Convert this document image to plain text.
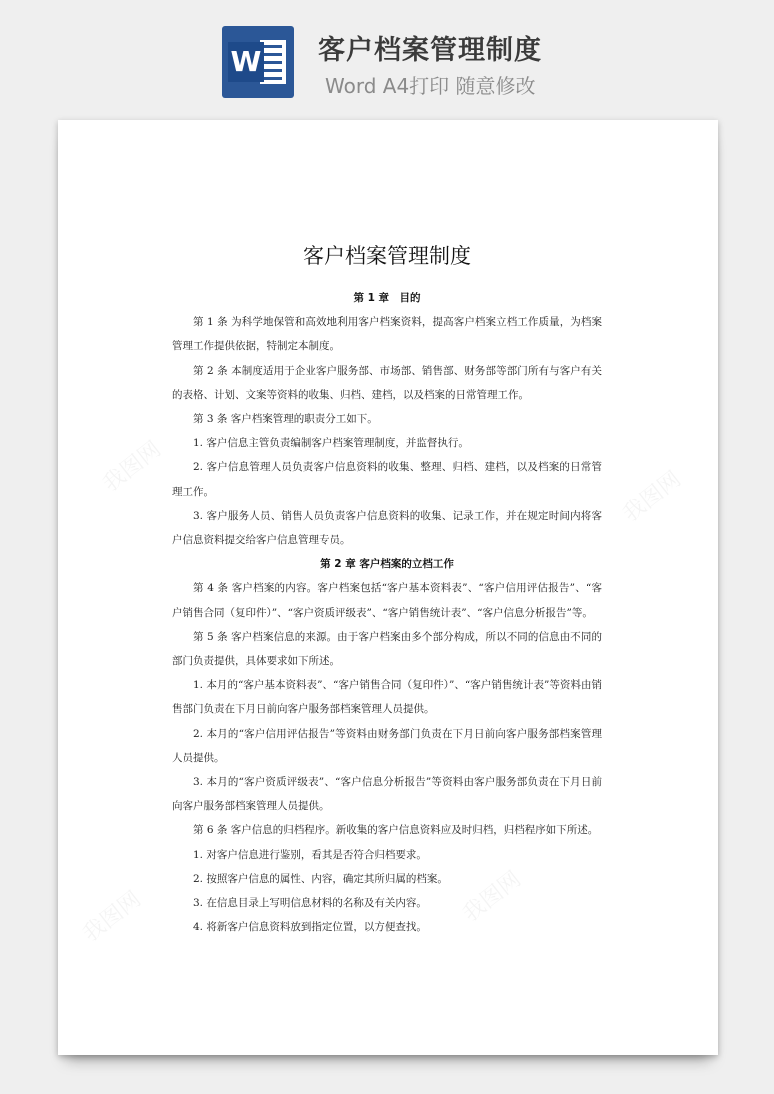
W 客户档案管理制度
Word A4打印 随意修改
客户档案管理制度

第 1 章　目的

第 1 条 为科学地保管和高效地利用客户档案资料，提高客户档案立档工作质量，为档案管理工作提供依据，特制定本制度。

第 2 条 本制度适用于企业客户服务部、市场部、销售部、财务部等部门所有与客户有关的表格、计划、文案等资料的收集、归档、建档，以及档案的日常管理工作。

第 3 条 客户档案管理的职责分工如下。

1. 客户信息主管负责编制客户档案管理制度，并监督执行。

2. 客户信息管理人员负责客户信息资料的收集、整理、归档、建档，以及档案的日常管理工作。

3. 客户服务人员、销售人员负责客户信息资料的收集、记录工作，并在规定时间内将客户信息资料提交给客户信息管理专员。

第 2 章 客户档案的立档工作

第 4 条 客户档案的内容。客户档案包括“客户基本资料表”、“客户信用评估报告”、“客户销售合同（复印件）”、“客户资质评级表”、“客户销售统计表”、“客户信息分析报告”等。

第 5 条 客户档案信息的来源。由于客户档案由多个部分构成，所以不同的信息由不同的部门负责提供，具体要求如下所述。

1. 本月的“客户基本资料表”、“客户销售合同（复印件）”、“客户销售统计表”等资料由销售部门负责在下月日前向客户服务部档案管理人员提供。

2. 本月的“客户信用评估报告”等资料由财务部门负责在下月日前向客户服务部档案管理人员提供。

3. 本月的“客户资质评级表”、“客户信息分析报告”等资料由客户服务部负责在下月日前向客户服务部档案管理人员提供。

第 6 条 客户信息的归档程序。新收集的客户信息资料应及时归档，归档程序如下所述。

1. 对客户信息进行鉴别，看其是否符合归档要求。

2. 按照客户信息的属性、内容，确定其所归属的档案。

3. 在信息目录上写明信息材料的名称及有关内容。

4. 将新客户信息资料放到指定位置，以方便查找。
